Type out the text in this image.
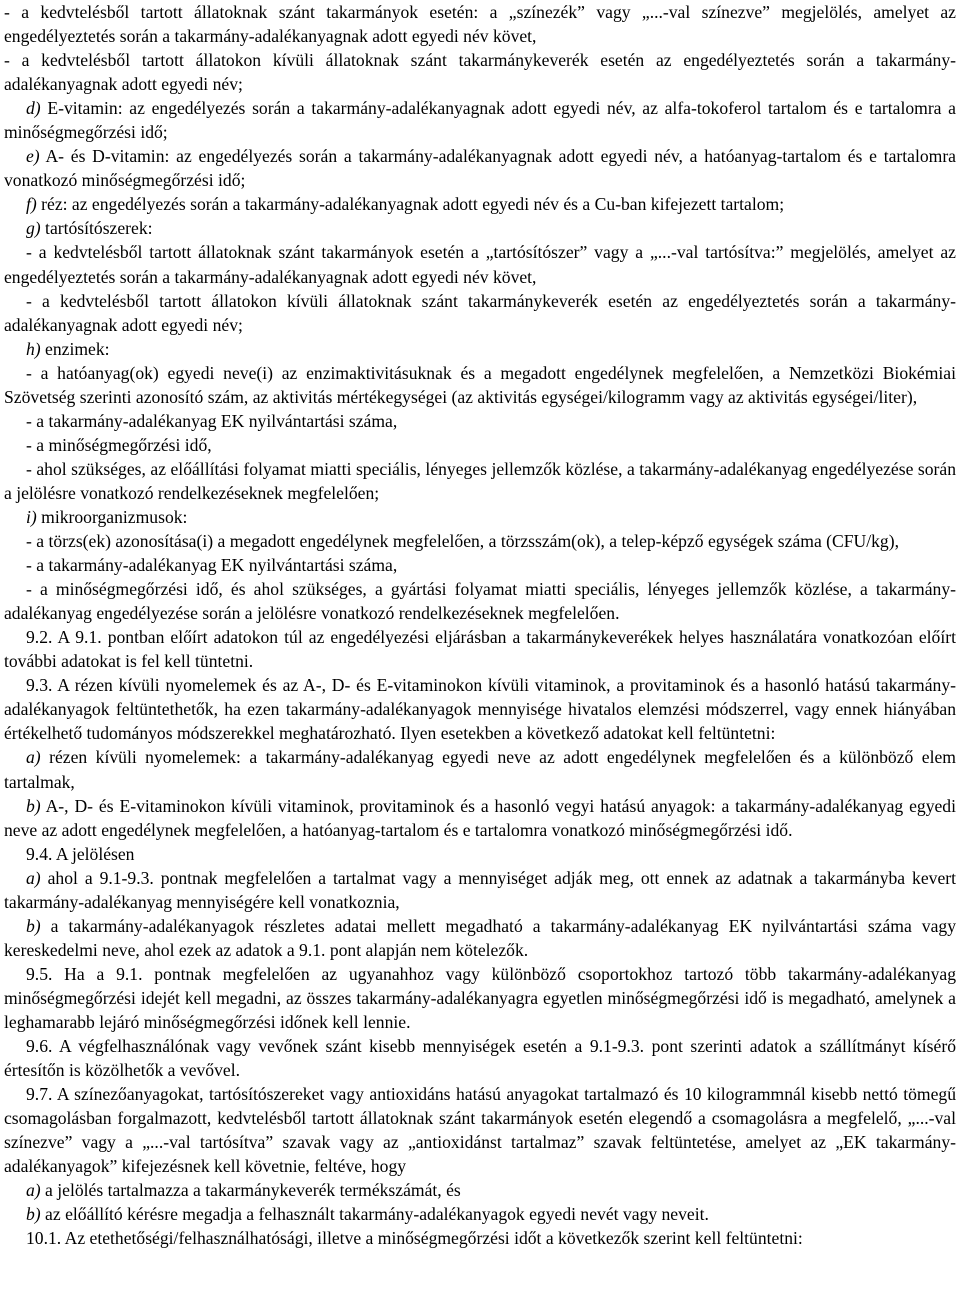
- a kedvtelésből tartott állatoknak szánt takarmányok esetén: a „színezék” vagy „...-val színezve” megjelölés, amelyet az engedélyeztetés során a takarmány-adalékanyagnak adott egyedi név követ,

- a kedvtelésből tartott állatokon kívüli állatoknak szánt takarmánykeverék esetén az engedélyeztetés során a takarmány-adalékanyagnak adott egyedi név;

d) E-vitamin: az engedélyezés során a takarmány-adalékanyagnak adott egyedi név, az alfa-tokoferol tartalom és e tartalomra a minőségmegőrzési idő;

e) A- és D-vitamin: az engedélyezés során a takarmány-adalékanyagnak adott egyedi név, a hatóanyag-tartalom és e tartalomra vonatkozó minőségmegőrzési idő;

f) réz: az engedélyezés során a takarmány-adalékanyagnak adott egyedi név és a Cu-ban kifejezett tartalom;

g) tartósítószerek:

- a kedvtelésből tartott állatoknak szánt takarmányok esetén a „tartósítószer” vagy a „...-val tartósítva:” megjelölés, amelyet az engedélyeztetés során a takarmány-adalékanyagnak adott egyedi név követ,

- a kedvtelésből tartott állatokon kívüli állatoknak szánt takarmánykeverék esetén az engedélyeztetés során a takarmány-adalékanyagnak adott egyedi név;

h) enzimek:

- a hatóanyag(ok) egyedi neve(i) az enzimaktivitásuknak és a megadott engedélynek megfelelően, a Nemzetközi Biokémiai Szövetség szerinti azonosító szám, az aktivitás mértékegységei (az aktivitás egységei/kilogramm vagy az aktivitás egységei/liter),

- a takarmány-adalékanyag EK nyilvántartási száma,

- a minőségmegőrzési idő,

- ahol szükséges, az előállítási folyamat miatti speciális, lényeges jellemzők közlése, a takarmány-adalékanyag engedélyezése során a jelölésre vonatkozó rendelkezéseknek megfelelően;

i) mikroorganizmusok:

- a törzs(ek) azonosítása(i) a megadott engedélynek megfelelően, a törzsszám(ok), a telep-képző egységek száma (CFU/kg),

- a takarmány-adalékanyag EK nyilvántartási száma,

- a minőségmegőrzési idő, és ahol szükséges, a gyártási folyamat miatti speciális, lényeges jellemzők közlése, a takarmány-adalékanyag engedélyezése során a jelölésre vonatkozó rendelkezéseknek megfelelően.

9.2. A 9.1. pontban előírt adatokon túl az engedélyezési eljárásban a takarmánykeverékek helyes használatára vonatkozóan előírt további adatokat is fel kell tüntetni.

9.3. A rézen kívüli nyomelemek és az A-, D- és E-vitaminokon kívüli vitaminok, a provitaminok és a hasonló hatású takarmány-adalékanyagok feltüntethetők, ha ezen takarmány-adalékanyagok mennyisége hivatalos elemzési módszerrel, vagy ennek hiányában értékelhető tudományos módszerekkel meghatározható. Ilyen esetekben a következő adatokat kell feltüntetni:

a) rézen kívüli nyomelemek: a takarmány-adalékanyag egyedi neve az adott engedélynek megfelelően és a különböző elem tartalmak,

b) A-, D- és E-vitaminokon kívüli vitaminok, provitaminok és a hasonló vegyi hatású anyagok: a takarmány-adalékanyag egyedi neve az adott engedélynek megfelelően, a hatóanyag-tartalom és e tartalomra vonatkozó minőségmegőrzési idő.

9.4. A jelölésen

a) ahol a 9.1-9.3. pontnak megfelelően a tartalmat vagy a mennyiséget adják meg, ott ennek az adatnak a takarmányba kevert takarmány-adalékanyag mennyiségére kell vonatkoznia,

b) a takarmány-adalékanyagok részletes adatai mellett megadható a takarmány-adalékanyag EK nyilvántartási száma vagy kereskedelmi neve, ahol ezek az adatok a 9.1. pont alapján nem kötelezők.

9.5. Ha a 9.1. pontnak megfelelően az ugyanahhoz vagy különböző csoportokhoz tartozó több takarmány-adalékanyag minőségmegőrzési idejét kell megadni, az összes takarmány-adalékanyagra egyetlen minőségmegőrzési idő is megadható, amelynek a leghamarabb lejáró minőségmegőrzési időnek kell lennie.

9.6. A végfelhasználónak vagy vevőnek szánt kisebb mennyiségek esetén a 9.1-9.3. pont szerinti adatok a szállítmányt kísérő értesítőn is közölhetők a vevővel.

9.7. A színezőanyagokat, tartósítószereket vagy antioxidáns hatású anyagokat tartalmazó és 10 kilogrammnál kisebb nettó tömegű csomagolásban forgalmazott, kedvtelésből tartott állatoknak szánt takarmányok esetén elegendő a csomagolásra a megfelelő, „...-val színezve” vagy a „...-val tartósítva” szavak vagy az „antioxidánst tartalmaz” szavak feltüntetése, amelyet az „EK takarmány-adalékanyagok” kifejezésnek kell követnie, feltéve, hogy

a) a jelölés tartalmazza a takarmánykeverék termékszámát, és

b) az előállító kérésre megadja a felhasznált takarmány-adalékanyagok egyedi nevét vagy neveit.

10.1. Az etethetőségi/felhasználhatósági, illetve a minőségmegőrzési időt a következők szerint kell feltüntetni:
